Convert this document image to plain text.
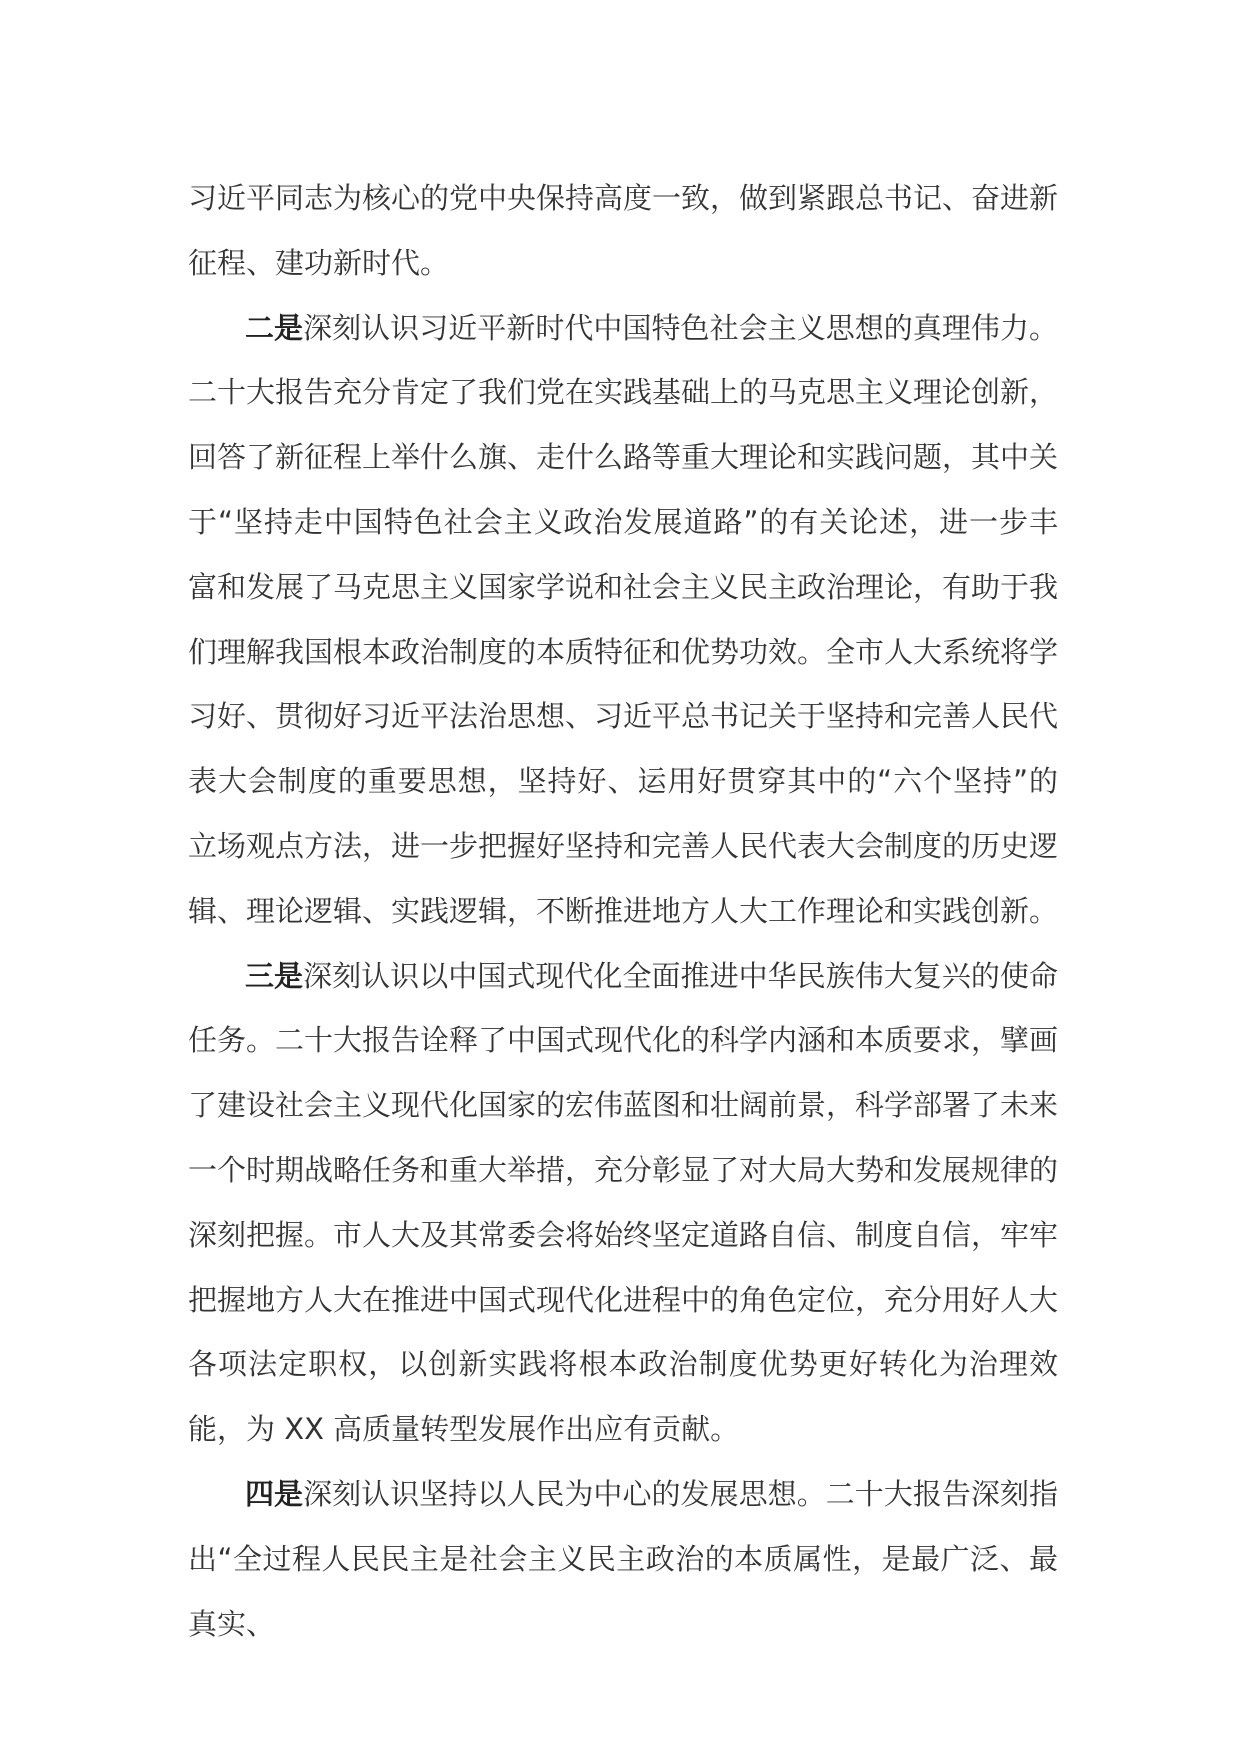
习近平同志为核心的党中央保持高度一致，做到紧跟总书记、奋进新征程、建功新时代。

二是深刻认识习近平新时代中国特色社会主义思想的真理伟力。二十大报告充分肯定了我们党在实践基础上的马克思主义理论创新，回答了新征程上举什么旗、走什么路等重大理论和实践问题，其中关于“坚持走中国特色社会主义政治发展道路”的有关论述，进一步丰富和发展了马克思主义国家学说和社会主义民主政治理论，有助于我们理解我国根本政治制度的本质特征和优势功效。全市人大系统将学习好、贯彻好习近平法治思想、习近平总书记关于坚持和完善人民代表大会制度的重要思想，坚持好、运用好贯穿其中的“六个坚持”的立场观点方法，进一步把握好坚持和完善人民代表大会制度的历史逻辑、理论逻辑、实践逻辑，不断推进地方人大工作理论和实践创新。

三是深刻认识以中国式现代化全面推进中华民族伟大复兴的使命任务。二十大报告诠释了中国式现代化的科学内涵和本质要求，擘画了建设社会主义现代化国家的宏伟蓝图和壮阔前景，科学部署了未来一个时期战略任务和重大举措，充分彰显了对大局大势和发展规律的深刻把握。市人大及其常委会将始终坚定道路自信、制度自信，牢牢把握地方人大在推进中国式现代化进程中的角色定位，充分用好人大各项法定职权，以创新实践将根本政治制度优势更好转化为治理效能，为 XX 高质量转型发展作出应有贡献。

四是深刻认识坚持以人民为中心的发展思想。二十大报告深刻指出“全过程人民民主是社会主义民主政治的本质属性，是最广泛、最真实、
